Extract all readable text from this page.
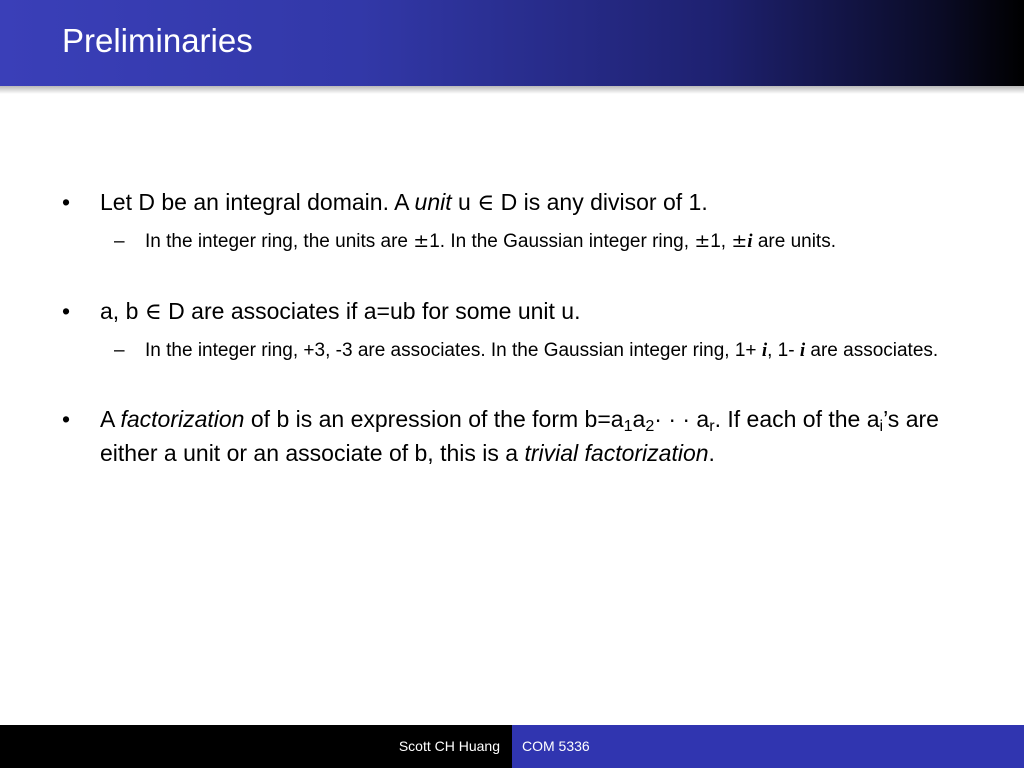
Preliminaries
• Let D be an integral domain. A unit u ∈ D is any divisor of 1.
– In the integer ring, the units are ±1. In the Gaussian integer ring, ±1, ±i are units.
• a, b ∈ D are associates if a=ub for some unit u.
– In the integer ring, +3, -3 are associates. In the Gaussian integer ring, 1+ i, 1- i are associates.
• A factorization of b is an expression of the form $b=a_1a_2\cdot$ · · $a_r$. If each of the $a_i’s$ are either a unit or an associate of b, this is a trivial factorization.
Scott CH Huang COM 5336
